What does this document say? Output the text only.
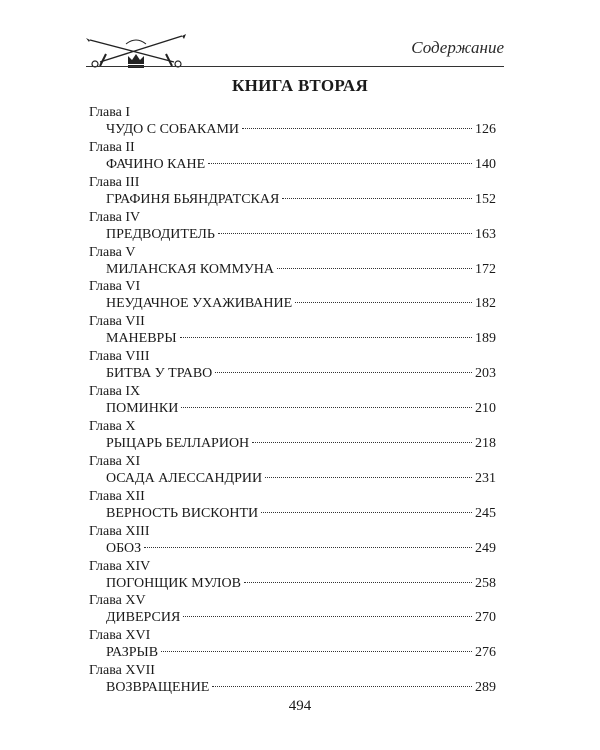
Содержание
КНИГА ВТОРАЯ
Глава I
ЧУДО С СОБАКАМИ	126
Глава II
ФАЧИНО КАНЕ	140
Глава III
ГРАФИНЯ БЬЯНДРАТСКАЯ	152
Глава IV
ПРЕДВОДИТЕЛЬ	163
Глава V
МИЛАНСКАЯ КОММУНА	172
Глава VI
НЕУДАЧНОЕ УХАЖИВАНИЕ	182
Глава VII
МАНЕВРЫ	189
Глава VIII
БИТВА У ТРАВО	203
Глава IX
ПОМИНКИ	210
Глава X
РЫЦАРЬ БЕЛЛАРИОН	218
Глава XI
ОСАДА АЛЕССАНДРИИ	231
Глава XII
ВЕРНОСТЬ ВИСКОНТИ	245
Глава XIII
ОБОЗ	249
Глава XIV
ПОГОНЩИК МУЛОВ	258
Глава XV
ДИВЕРСИЯ	270
Глава XVI
РАЗРЫВ	276
Глава XVII
ВОЗВРАЩЕНИЕ	289
494
